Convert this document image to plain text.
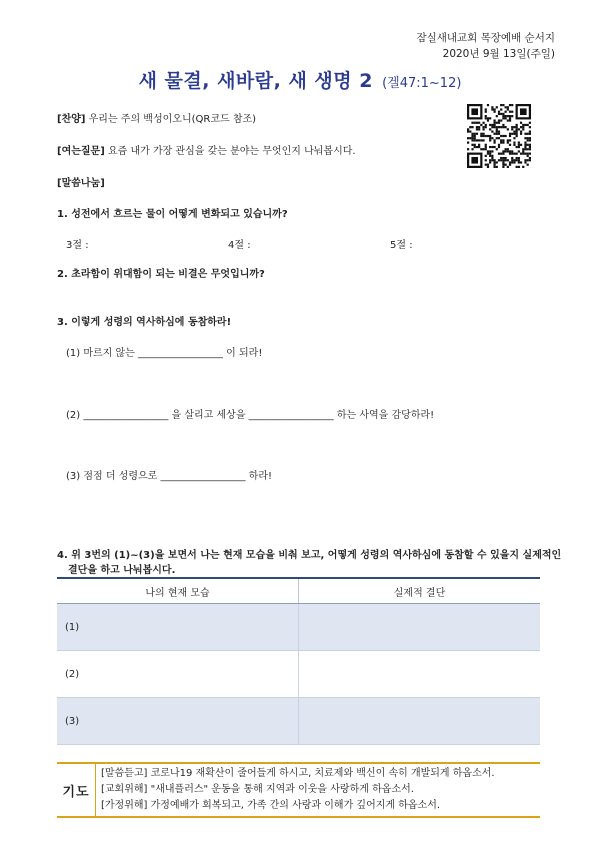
잠실새내교회 목장예배 순서지
2020년 9월 13일(주일)
새 물결, 새바람, 새 생명 2 (겔47:1~12)
[찬양] 우리는 주의 백성이오니(QR코드 참조)
[여는질문] 요즘 내가 가장 관심을 갖는 분야는 무엇인지 나눠봅시다.
[말씀나눔]
1. 성전에서 흐르는 물이 어떻게 변화되고 있습니까?
3절 :	4절 :	5절 :
2. 초라함이 위대함이 되는 비결은 무엇입니까?
3. 이렇게 성령의 역사하심에 동참하라!
(1) 마르지 않는 _________________ 이 되라!
(2) _________________ 을 살리고 세상을 _________________ 하는 사역을 감당하라!
(3) 점점 더 성령으로 _________________ 하라!
4. 위 3번의 (1)~(3)을 보면서 나는 현재 모습을 비춰 보고, 어떻게 성령의 역사하심에 동참할 수 있을지 실제적인
결단을 하고 나눠봅시다.
나의 현재 모습	실제적 결단
(1)	
(2)	
(3)	
기도
[말씀듣고] 코로나19 재확산이 줄어들게 하시고, 치료제와 백신이 속히 개발되게 하옵소서.
[교회위해] "새내플러스" 운동을 통해 지역과 이웃을 사랑하게 하옵소서.
[가정위해] 가정예배가 회복되고, 가족 간의 사랑과 이해가 깊어지게 하옵소서.
